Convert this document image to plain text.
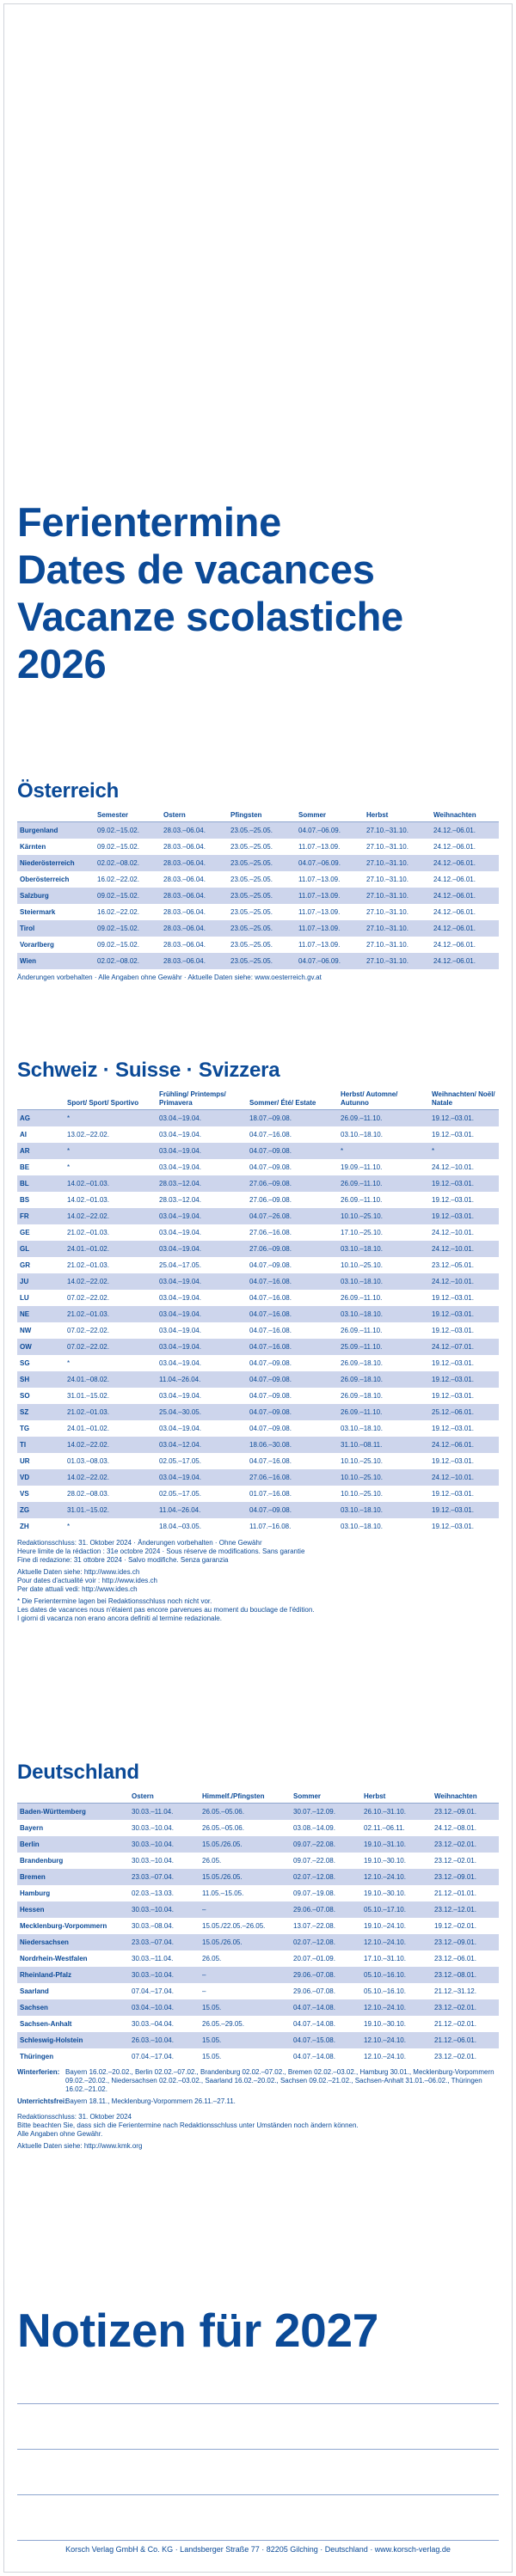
Ferientermine
Dates de vacances
Vacanze scolastiche
2026
Österreich
	Semester	Ostern	Pfingsten	Sommer	Herbst	Weihnachten
Burgenland	09.02.–15.02.	28.03.–06.04.	23.05.–25.05.	04.07.–06.09.	27.10.–31.10.	24.12.–06.01.
Kärnten	09.02.–15.02.	28.03.–06.04.	23.05.–25.05.	11.07.–13.09.	27.10.–31.10.	24.12.–06.01.
Niederösterreich	02.02.–08.02.	28.03.–06.04.	23.05.–25.05.	04.07.–06.09.	27.10.–31.10.	24.12.–06.01.
Oberösterreich	16.02.–22.02.	28.03.–06.04.	23.05.–25.05.	11.07.–13.09.	27.10.–31.10.	24.12.–06.01.
Salzburg	09.02.–15.02.	28.03.–06.04.	23.05.–25.05.	11.07.–13.09.	27.10.–31.10.	24.12.–06.01.
Steiermark	16.02.–22.02.	28.03.–06.04.	23.05.–25.05.	11.07.–13.09.	27.10.–31.10.	24.12.–06.01.
Tirol	09.02.–15.02.	28.03.–06.04.	23.05.–25.05.	11.07.–13.09.	27.10.–31.10.	24.12.–06.01.
Vorarlberg	09.02.–15.02.	28.03.–06.04.	23.05.–25.05.	11.07.–13.09.	27.10.–31.10.	24.12.–06.01.
Wien	02.02.–08.02.	28.03.–06.04.	23.05.–25.05.	04.07.–06.09.	27.10.–31.10.	24.12.–06.01.

Änderungen vorbehalten · Alle Angaben ohne Gewähr · Aktuelle Daten siehe: www.oesterreich.gv.at

Schweiz · Suisse · Svizzera
	Sport/ Sport/ Sportivo	Frühling/ Printemps/ Primavera	Sommer/ Été/ Estate	Herbst/ Automne/ Autunno	Weihnachten/ Noël/ Natale
AG	*	03.04.–19.04.	18.07.–09.08.	26.09.–11.10.	19.12.–03.01.
AI	13.02.–22.02.	03.04.–19.04.	04.07.–16.08.	03.10.–18.10.	19.12.–03.01.
AR	*	03.04.–19.04.	04.07.–09.08.	*	*
BE	*	03.04.–19.04.	04.07.–09.08.	19.09.–11.10.	24.12.–10.01.
BL	14.02.–01.03.	28.03.–12.04.	27.06.–09.08.	26.09.–11.10.	19.12.–03.01.
BS	14.02.–01.03.	28.03.–12.04.	27.06.–09.08.	26.09.–11.10.	19.12.–03.01.
FR	14.02.–22.02.	03.04.–19.04.	04.07.–26.08.	10.10.–25.10.	19.12.–03.01.
GE	21.02.–01.03.	03.04.–19.04.	27.06.–16.08.	17.10.–25.10.	24.12.–10.01.
GL	24.01.–01.02.	03.04.–19.04.	27.06.–09.08.	03.10.–18.10.	24.12.–10.01.
GR	21.02.–01.03.	25.04.–17.05.	04.07.–09.08.	10.10.–25.10.	23.12.–05.01.
JU	14.02.–22.02.	03.04.–19.04.	04.07.–16.08.	03.10.–18.10.	24.12.–10.01.
LU	07.02.–22.02.	03.04.–19.04.	04.07.–16.08.	26.09.–11.10.	19.12.–03.01.
NE	21.02.–01.03.	03.04.–19.04.	04.07.–16.08.	03.10.–18.10.	19.12.–03.01.
NW	07.02.–22.02.	03.04.–19.04.	04.07.–16.08.	26.09.–11.10.	19.12.–03.01.
OW	07.02.–22.02.	03.04.–19.04.	04.07.–16.08.	25.09.–11.10.	24.12.–07.01.
SG	*	03.04.–19.04.	04.07.–09.08.	26.09.–18.10.	19.12.–03.01.
SH	24.01.–08.02.	11.04.–26.04.	04.07.–09.08.	26.09.–18.10.	19.12.–03.01.
SO	31.01.–15.02.	03.04.–19.04.	04.07.–09.08.	26.09.–18.10.	19.12.–03.01.
SZ	21.02.–01.03.	25.04.–30.05.	04.07.–09.08.	26.09.–11.10.	25.12.–06.01.
TG	24.01.–01.02.	03.04.–19.04.	04.07.–09.08.	03.10.–18.10.	19.12.–03.01.
TI	14.02.–22.02.	03.04.–12.04.	18.06.–30.08.	31.10.–08.11.	24.12.–06.01.
UR	01.03.–08.03.	02.05.–17.05.	04.07.–16.08.	10.10.–25.10.	19.12.–03.01.
VD	14.02.–22.02.	03.04.–19.04.	27.06.–16.08.	10.10.–25.10.	24.12.–10.01.
VS	28.02.–08.03.	02.05.–17.05.	01.07.–16.08.	10.10.–25.10.	19.12.–03.01.
ZG	31.01.–15.02.	11.04.–26.04.	04.07.–09.08.	03.10.–18.10.	19.12.–03.01.
ZH	*	18.04.–03.05.	11.07.–16.08.	03.10.–18.10.	19.12.–03.01.

Redaktionsschluss: 31. Oktober 2024 · Änderungen vorbehalten · Ohne Gewähr

Heure limite de la rédaction : 31e octobre 2024 · Sous réserve de modifications. Sans garantie

Fine di redazione: 31 ottobre 2024 · Salvo modifiche. Senza garanzia

Aktuelle Daten siehe: http://www.ides.ch

Pour dates d'actualité voir : http://www.ides.ch

Per date attuali vedi: http://www.ides.ch

* Die Ferientermine lagen bei Redaktionsschluss noch nicht vor.

Les dates de vacances nous n'étaient pas encore parvenues au moment du bouclage de l'édition.

I giorni di vacanza non erano ancora definiti al termine redazionale.

Deutschland
	Ostern	Himmelf./Pfingsten	Sommer	Herbst	Weihnachten
Baden-Württemberg	30.03.–11.04.	26.05.–05.06.	30.07.–12.09.	26.10.–31.10.	23.12.–09.01.
Bayern	30.03.–10.04.	26.05.–05.06.	03.08.–14.09.	02.11.–06.11.	24.12.–08.01.
Berlin	30.03.–10.04.	15.05./26.05.	09.07.–22.08.	19.10.–31.10.	23.12.–02.01.
Brandenburg	30.03.–10.04.	26.05.	09.07.–22.08.	19.10.–30.10.	23.12.–02.01.
Bremen	23.03.–07.04.	15.05./26.05.	02.07.–12.08.	12.10.–24.10.	23.12.–09.01.
Hamburg	02.03.–13.03.	11.05.–15.05.	09.07.–19.08.	19.10.–30.10.	21.12.–01.01.
Hessen	30.03.–10.04.	–	29.06.–07.08.	05.10.–17.10.	23.12.–12.01.
Mecklenburg-Vorpommern	30.03.–08.04.	15.05./22.05.–26.05.	13.07.–22.08.	19.10.–24.10.	19.12.–02.01.
Niedersachsen	23.03.–07.04.	15.05./26.05.	02.07.–12.08.	12.10.–24.10.	23.12.–09.01.
Nordrhein-Westfalen	30.03.–11.04.	26.05.	20.07.–01.09.	17.10.–31.10.	23.12.–06.01.
Rheinland-Pfalz	30.03.–10.04.	–	29.06.–07.08.	05.10.–16.10.	23.12.–08.01.
Saarland	07.04.–17.04.	–	29.06.–07.08.	05.10.–16.10.	21.12.–31.12.
Sachsen	03.04.–10.04.	15.05.	04.07.–14.08.	12.10.–24.10.	23.12.–02.01.
Sachsen-Anhalt	30.03.–04.04.	26.05.–29.05.	04.07.–14.08.	19.10.–30.10.	21.12.–02.01.
Schleswig-Holstein	26.03.–10.04.	15.05.	04.07.–15.08.	12.10.–24.10.	21.12.–06.01.
Thüringen	07.04.–17.04.	15.05.	04.07.–14.08.	12.10.–24.10.	23.12.–02.01.
Winterferien: Bayern 16.02.–20.02., Berlin 02.02.–07.02., Brandenburg 02.02.–07.02., Bremen 02.02.–03.02., Hamburg 30.01., Mecklenburg-Vorpommern 09.02.–20.02., Niedersachsen 02.02.–03.02., Saarland 16.02.–20.02., Sachsen 09.02.–21.02., Sachsen-Anhalt 31.01.–06.02., Thüringen 16.02.–21.02.
Unterrichtsfrei:
Bayern 18.11., Mecklenburg-Vorpommern 26.11.–27.11.

Redaktionsschluss: 31. Oktober 2024

Bitte beachten Sie, dass sich die Ferientermine nach Redaktionsschluss unter Umständen noch ändern können.

Alle Angaben ohne Gewähr.

Aktuelle Daten siehe: http://www.kmk.org

Notizen für 2027
Korsch Verlag GmbH & Co. KG · Landsberger Straße 77 · 82205 Gilching · Deutschland · www.korsch-verlag.de
